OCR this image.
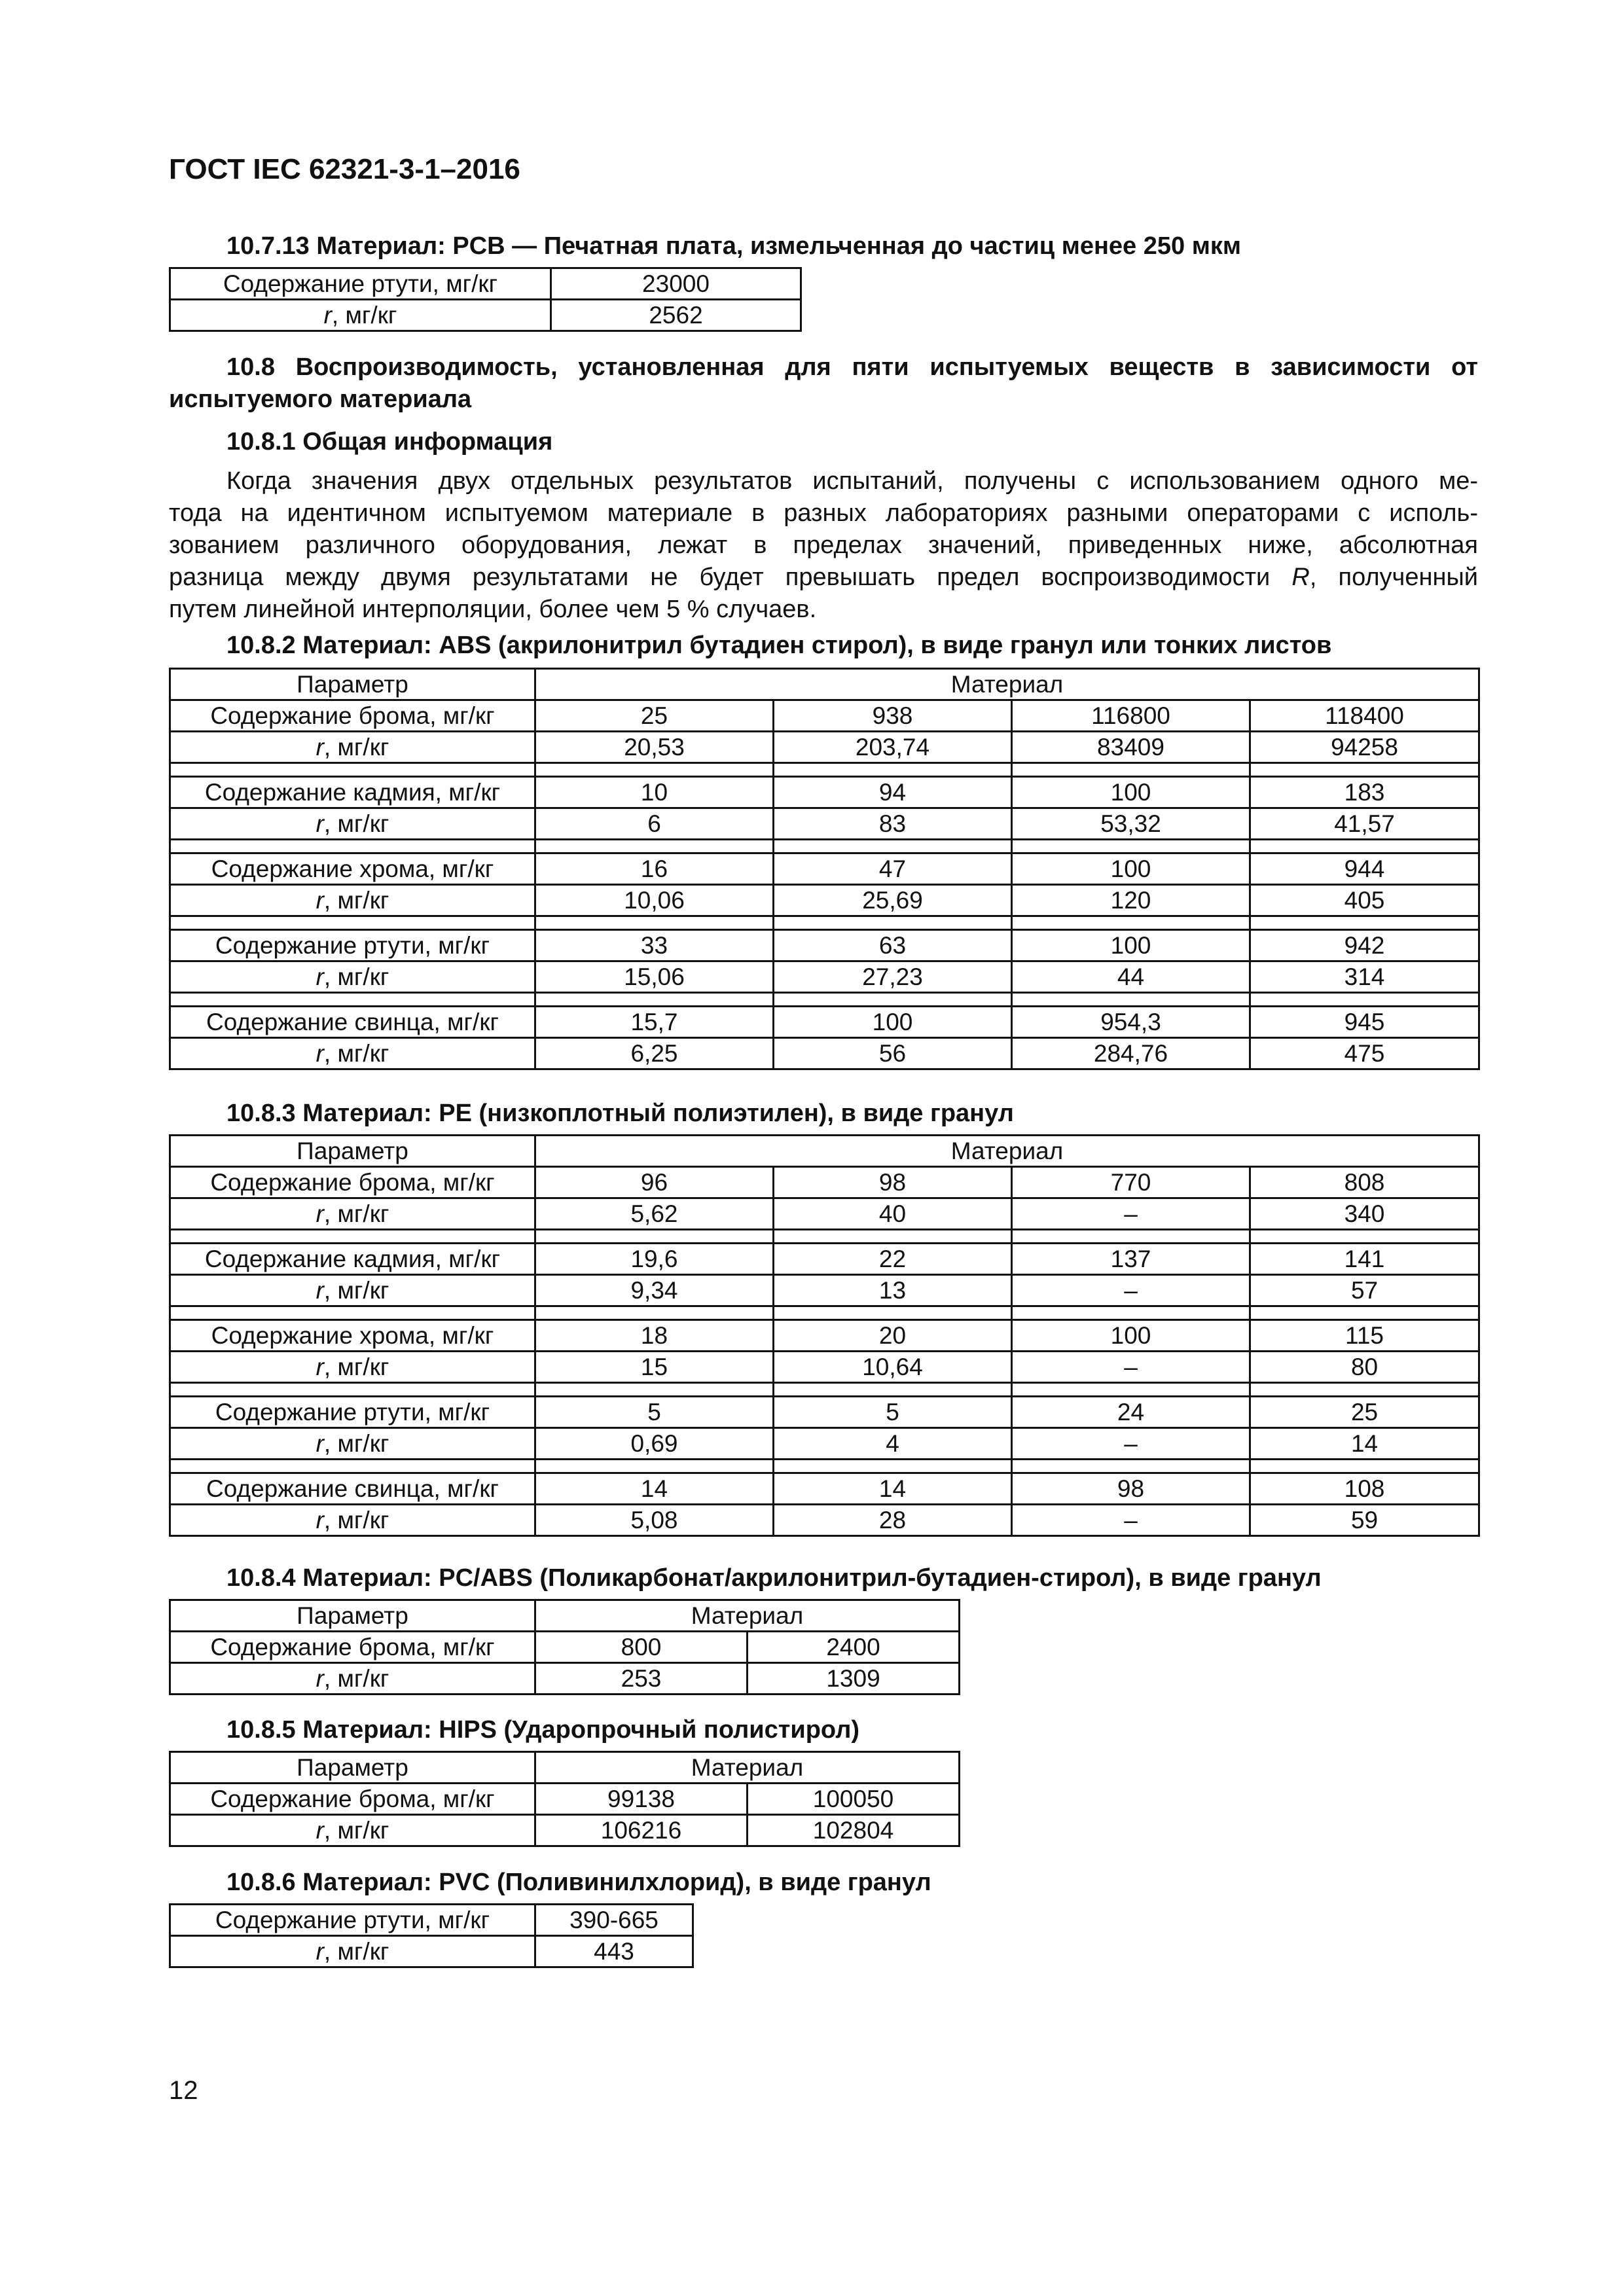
ГОСТ IEC 62321-3-1–2016
10.7.13 Материал: PCB — Печатная плата, измельченная до частиц менее 250 мкм
Содержание ртути, мг/кг	23000
r, мг/кг	2562
10.8 Воспроизводимость, установленная для пяти испытуемых веществ в зависимости от испытуемого материала
10.8.1 Общая информация
Когда значения двух отдельных результатов испытаний, получены с использованием одного ме-
тода на идентичном испытуемом материале в разных лабораториях разными операторами с исполь-
зованием различного оборудования, лежат в пределах значений, приведенных ниже, абсолютная
разница между двумя результатами не будет превышать предел воспроизводимости R, полученный
путем линейной интерполяции, более чем 5 % случаев.
10.8.2 Материал: ABS (акрилонитрил бутадиен стирол), в виде гранул или тонких листов
Параметр	Материал			
Содержание брома, мг/кг	25	938	116800	118400
r, мг/кг	20,53	203,74	83409	94258

Содержание кадмия, мг/кг	10	94	100	183
r, мг/кг	6	83	53,32	41,57

Содержание хрома, мг/кг	16	47	100	944
r, мг/кг	10,06	25,69	120	405

Содержание ртути, мг/кг	33	63	100	942
r, мг/кг	15,06	27,23	44	314

Содержание свинца, мг/кг	15,7	100	954,3	945
r, мг/кг	6,25	56	284,76	475
10.8.3 Материал: PE (низкоплотный полиэтилен), в виде гранул
Параметр	Материал			
Содержание брома, мг/кг	96	98	770	808
r, мг/кг	5,62	40	–	340

Содержание кадмия, мг/кг	19,6	22	137	141
r, мг/кг	9,34	13	–	57

Содержание хрома, мг/кг	18	20	100	115
r, мг/кг	15	10,64	–	80

Содержание ртути, мг/кг	5	5	24	25
r, мг/кг	0,69	4	–	14

Содержание свинца, мг/кг	14	14	98	108
r, мг/кг	5,08	28	–	59
10.8.4 Материал: PC/ABS (Поликарбонат/акрилонитрил-бутадиен-стирол), в виде гранул
Параметр	Материал	
Содержание брома, мг/кг	800	2400
r, мг/кг	253	1309
10.8.5 Материал: HIPS (Ударопрочный полистирол)
Параметр	Материал	
Содержание брома, мг/кг	99138	100050
r, мг/кг	106216	102804
10.8.6 Материал: PVC (Поливинилхлорид), в виде гранул
Содержание ртути, мг/кг	390-665
r, мг/кг	443
12
